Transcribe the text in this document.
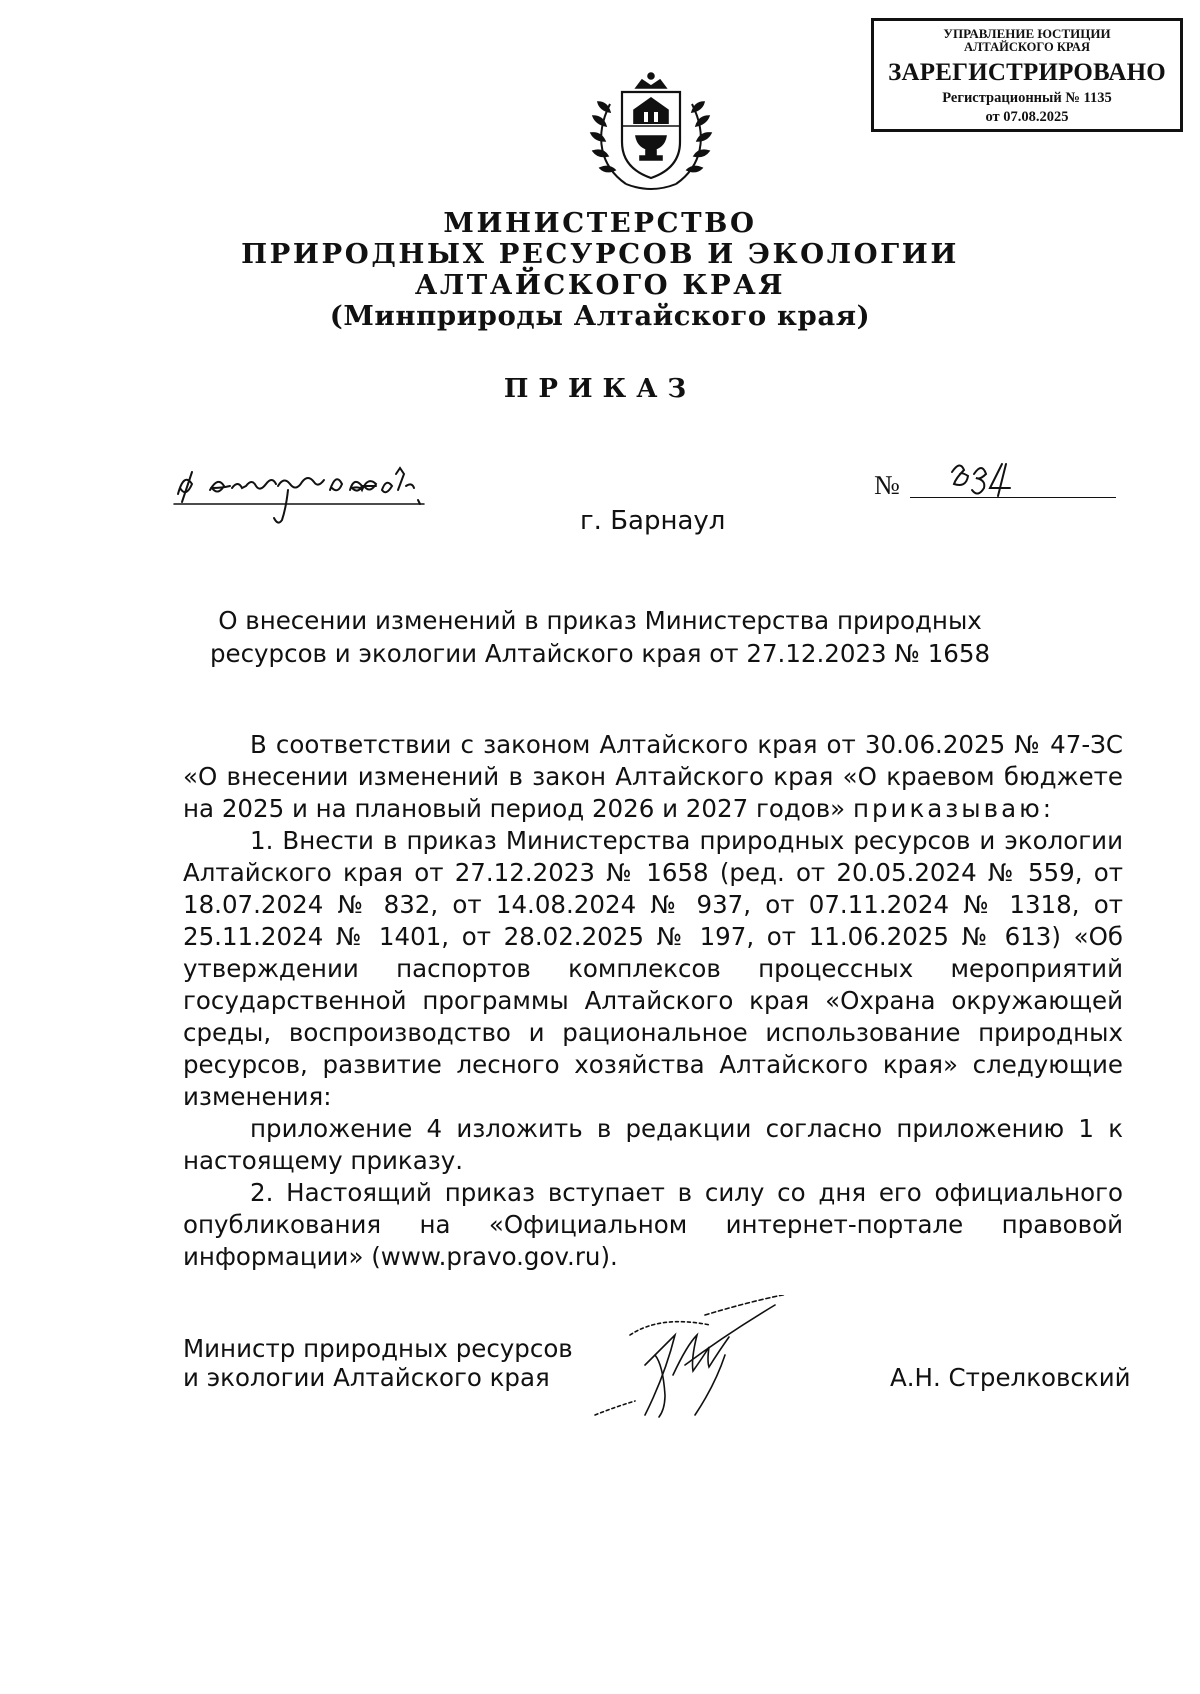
УПРАВЛЕНИЕ ЮСТИЦИИ
АЛТАЙСКОГО КРАЯ
ЗАРЕГИСТРИРОВАНО
Регистрационный № 1135
от 07.08.2025
МИНИСТЕРСТВО
ПРИРОДНЫХ РЕСУРСОВ И ЭКОЛОГИИ
АЛТАЙСКОГО КРАЯ
(Минприроды Алтайского края)
ПРИКАЗ
№
г. Барнаул
О внесении изменений в приказ Министерства природных
ресурсов и экологии Алтайского края от 27.12.2023 № 1658

В соответствии с законом Алтайского края от 30.06.2025 № 47-ЗС «О внесении изменений в закон Алтайского края «О краевом бюджете на 2025 и на плановый период 2026 и 2027 годов» приказываю:

1. Внести в приказ Министерства природных ресурсов и экологии Алтайского края от 27.12.2023 № 1658 (ред. от 20.05.2024 № 559, от 18.07.2024 № 832, от 14.08.2024 № 937, от 07.11.2024 № 1318, от 25.11.2024 № 1401, от 28.02.2025 № 197, от 11.06.2025 № 613) «Об утверждении паспортов комплексов процессных мероприятий государственной программы Алтайского края «Охрана окружающей среды, воспроизводство и рациональное использование природных ресурсов, развитие лесного хозяйства Алтайского края» следующие изменения:

приложение 4 изложить в редакции согласно приложению 1 к настоящему приказу.

2. Настоящий приказ вступает в силу со дня его официального опубликования на «Официальном интернет-портале правовой информации» (www.pravo.gov.ru).

Министр природных ресурсов
и экологии Алтайского края	А.Н. Стрелковский
